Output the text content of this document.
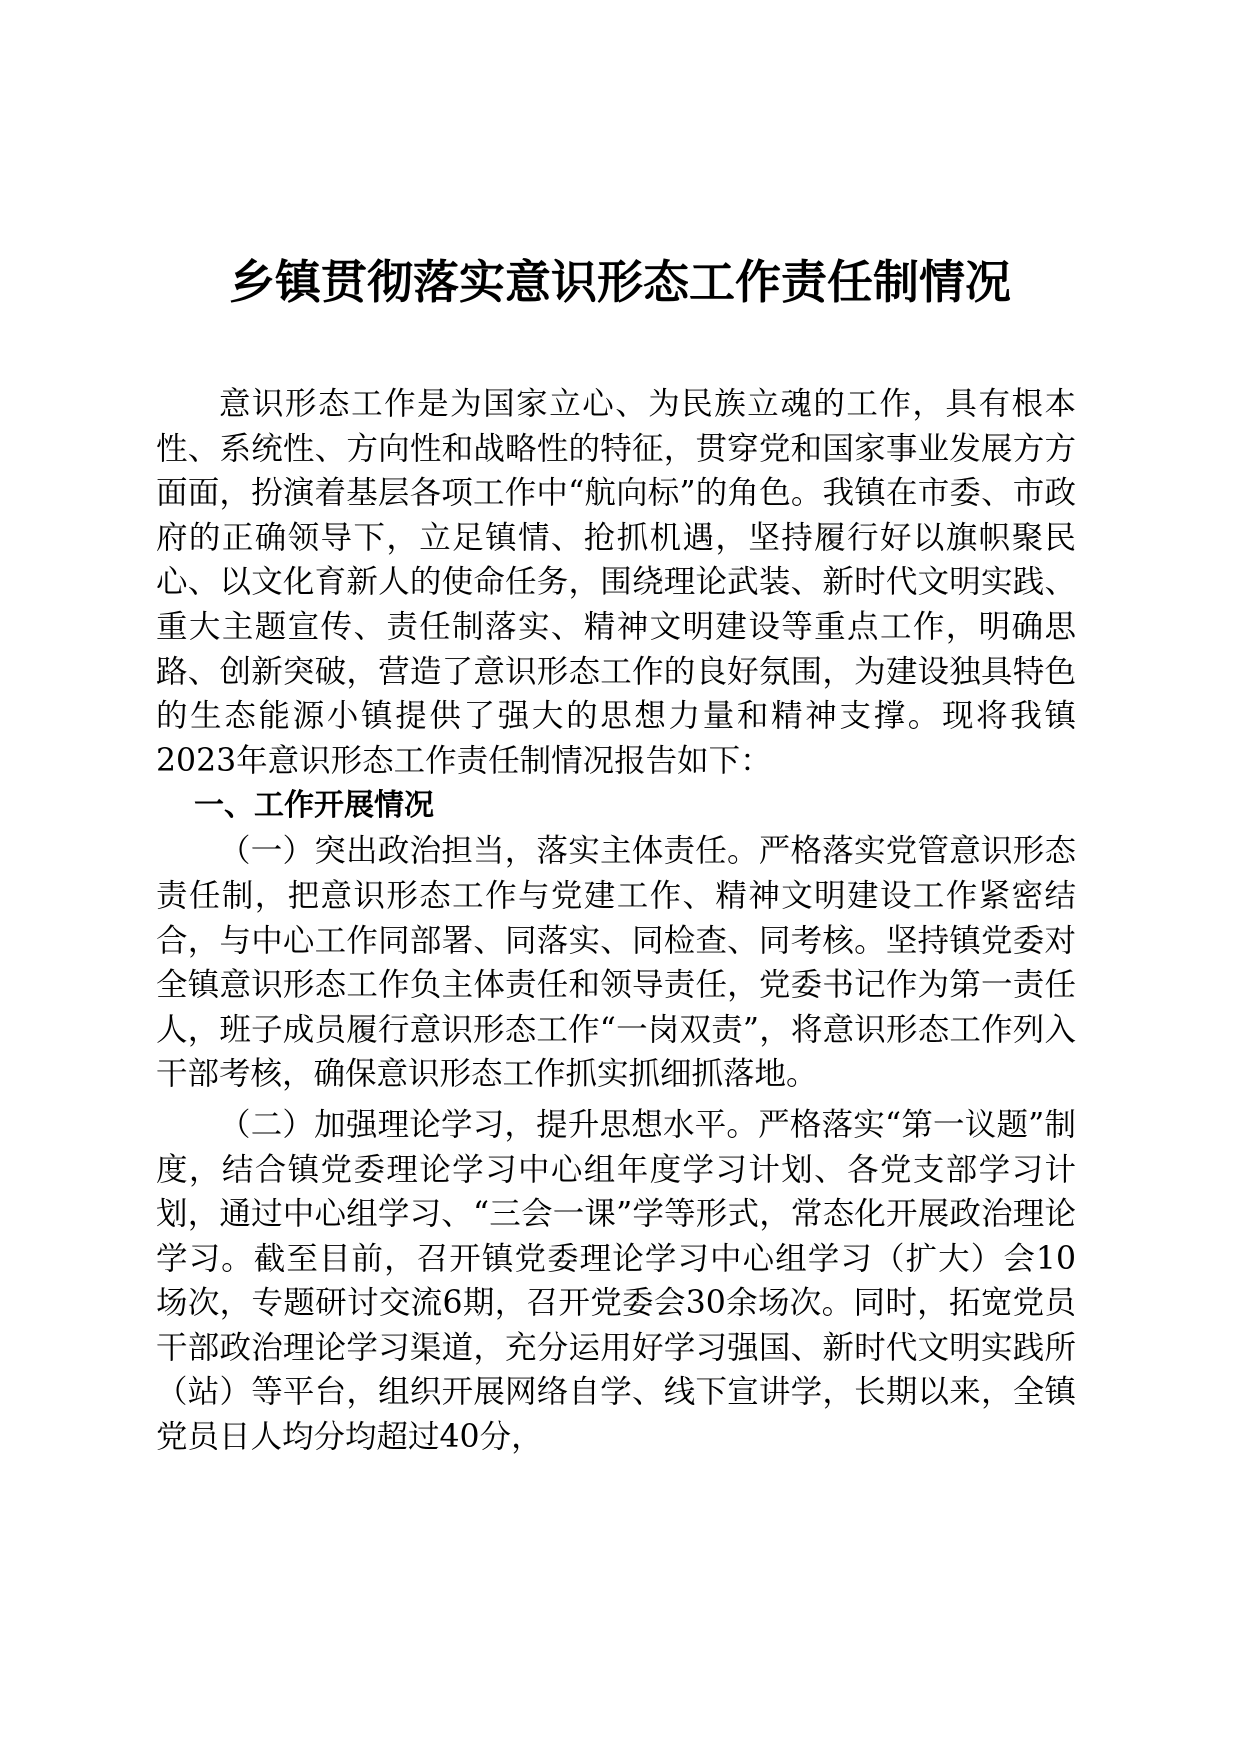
乡镇贯彻落实意识形态工作责任制情况

意识形态工作是为国家立心、为民族立魂的工作，具有根本性、系统性、方向性和战略性的特征，贯穿党和国家事业发展方方面面，扮演着基层各项工作中“航向标”的角色。我镇在市委、市政府的正确领导下，立足镇情、抢抓机遇，坚持履行好以旗帜聚民心、以文化育新人的使命任务，围绕理论武装、新时代文明实践、重大主题宣传、责任制落实、精神文明建设等重点工作，明确思路、创新突破，营造了意识形态工作的良好氛围，为建设独具特色的生态能源小镇提供了强大的思想力量和精神支撑。现将我镇2023年意识形态工作责任制情况报告如下：

一、工作开展情况

（一）突出政治担当，落实主体责任。严格落实党管意识形态责任制，把意识形态工作与党建工作、精神文明建设工作紧密结合，与中心工作同部署、同落实、同检查、同考核。坚持镇党委对全镇意识形态工作负主体责任和领导责任，党委书记作为第一责任人，班子成员履行意识形态工作“一岗双责”，将意识形态工作列入干部考核，确保意识形态工作抓实抓细抓落地。

（二）加强理论学习，提升思想水平。严格落实“第一议题”制度，结合镇党委理论学习中心组年度学习计划、各党支部学习计划，通过中心组学习、“三会一课”学等形式，常态化开展政治理论学习。截至目前，召开镇党委理论学习中心组学习（扩大）会10场次，专题研讨交流6期，召开党委会30余场次。同时，拓宽党员干部政治理论学习渠道，充分运用好学习强国、新时代文明实践所（站）等平台，组织开展网络自学、线下宣讲学，长期以来，全镇党员日人均分均超过40分，
